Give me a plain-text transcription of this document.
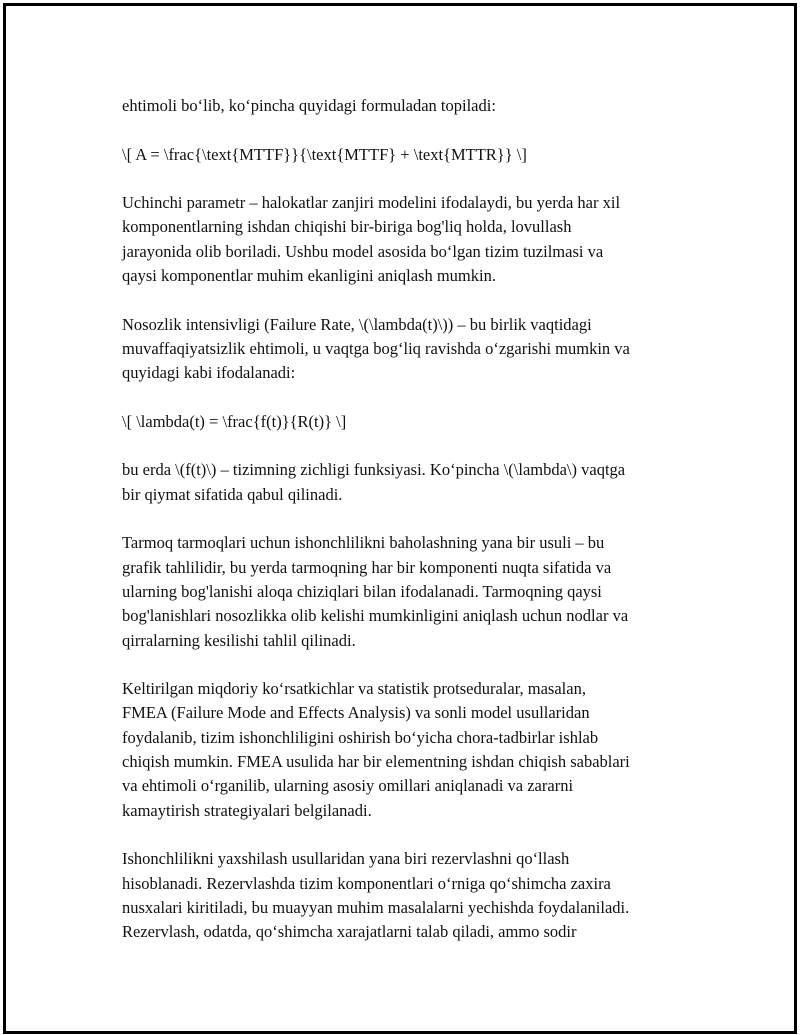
ehtimoli bo‘lib, ko‘pincha quyidagi formuladan topiladi:

\[ A = \frac{\text{MTTF}}{\text{MTTF} + \text{MTTR}} \]

Uchinchi parametr – halokatlar zanjiri modelini ifodalaydi, bu yerda har xil
komponentlarning ishdan chiqishi bir-biriga bog'liq holda, lovullash
jarayonida olib boriladi. Ushbu model asosida bo‘lgan tizim tuzilmasi va
qaysi komponentlar muhim ekanligini aniqlash mumkin.

Nosozlik intensivligi (Failure Rate, \(\lambda(t)\)) – bu birlik vaqtidagi
muvaffaqiyatsizlik ehtimoli, u vaqtga bog‘liq ravishda o‘zgarishi mumkin va
quyidagi kabi ifodalanadi:

\[ \lambda(t) = \frac{f(t)}{R(t)} \]

bu erda \(f(t)\) – tizimning zichligi funksiyasi. Ko‘pincha \(\lambda\) vaqtga
bir qiymat sifatida qabul qilinadi.

Tarmoq tarmoqlari uchun ishonchlilikni baholashning yana bir usuli – bu
grafik tahlilidir, bu yerda tarmoqning har bir komponenti nuqta sifatida va
ularning bog'lanishi aloqa chiziqlari bilan ifodalanadi. Tarmoqning qaysi
bog'lanishlari nosozlikka olib kelishi mumkinligini aniqlash uchun nodlar va
qirralarning kesilishi tahlil qilinadi.

Keltirilgan miqdoriy ko‘rsatkichlar va statistik protseduralar, masalan,
FMEA (Failure Mode and Effects Analysis) va sonli model usullaridan
foydalanib, tizim ishonchliligini oshirish bo‘yicha chora-tadbirlar ishlab
chiqish mumkin. FMEA usulida har bir elementning ishdan chiqish sabablari
va ehtimoli o‘rganilib, ularning asosiy omillari aniqlanadi va zararni
kamaytirish strategiyalari belgilanadi.

Ishonchlilikni yaxshilash usullaridan yana biri rezervlashni qo‘llash
hisoblanadi. Rezervlashda tizim komponentlari o‘rniga qo‘shimcha zaxira
nusxalari kiritiladi, bu muayyan muhim masalalarni yechishda foydalaniladi.
Rezervlash, odatda, qo‘shimcha xarajatlarni talab qiladi, ammo sodir
